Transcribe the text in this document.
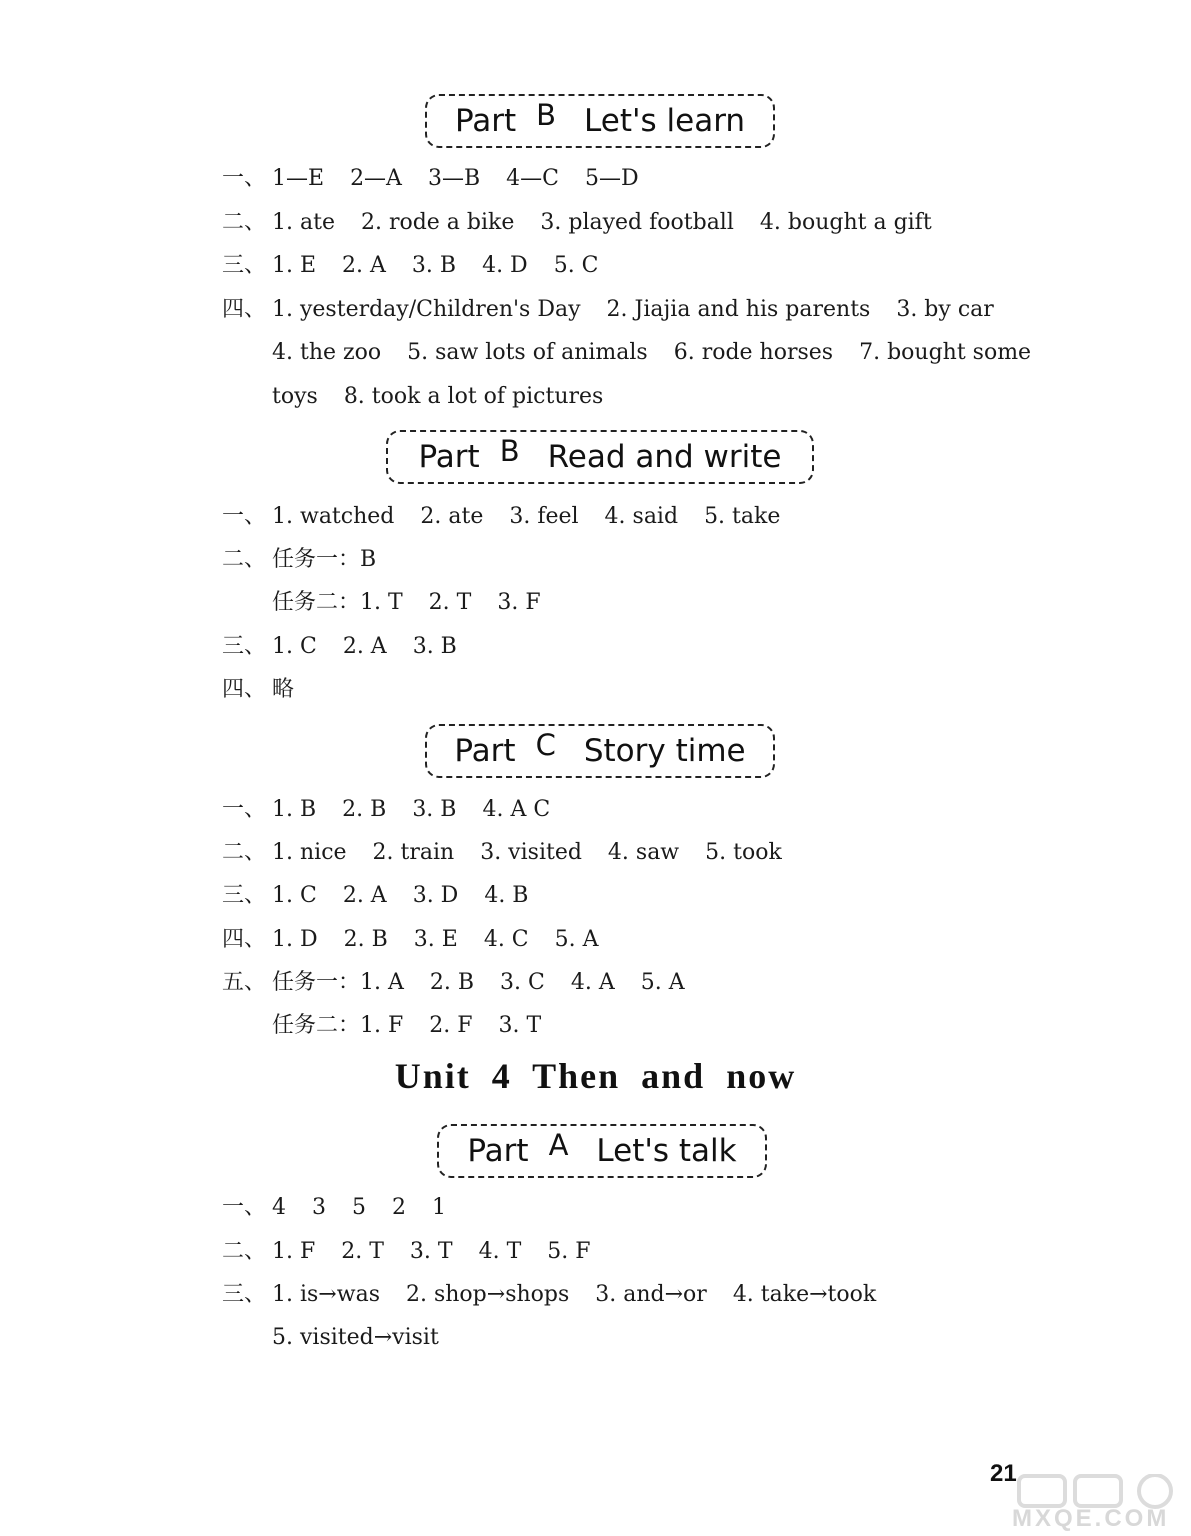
Part B Let's learn
一、 1—E 2—A 3—B 4—C 5—D
二、 1. ate 2. rode a bike 3. played football 4. bought a gift
三、 1. E 2. A 3. B 4. D 5. C
四、 1. yesterday/Children's Day 2. Jiajia and his parents 3. by car
4. the zoo 5. saw lots of animals 6. rode horses 7. bought some
toys 8. took a lot of pictures
Part B Read and write
一、 1. watched 2. ate 3. feel 4. said 5. take
二、 任务一：B
任务二：1. T 2. T 3. F
三、 1. C 2. A 3. B
四、 略
Part C Story time
一、 1. B 2. B 3. B 4. A C
二、 1. nice 2. train 3. visited 4. saw 5. took
三、 1. C 2. A 3. D 4. B
四、 1. D 2. B 3. E 4. C 5. A
五、 任务一：1. A 2. B 3. C 4. A 5. A
任务二：1. F 2. F 3. T
Unit 4 Then and now
Part A Let's talk
一、 4 3 5 2 1
二、 1. F 2. T 3. T 4. T 5. F
三、 1. is→was 2. shop→shops 3. and→or 4. take→took
5. visited→visit
21
MXQE.COM
